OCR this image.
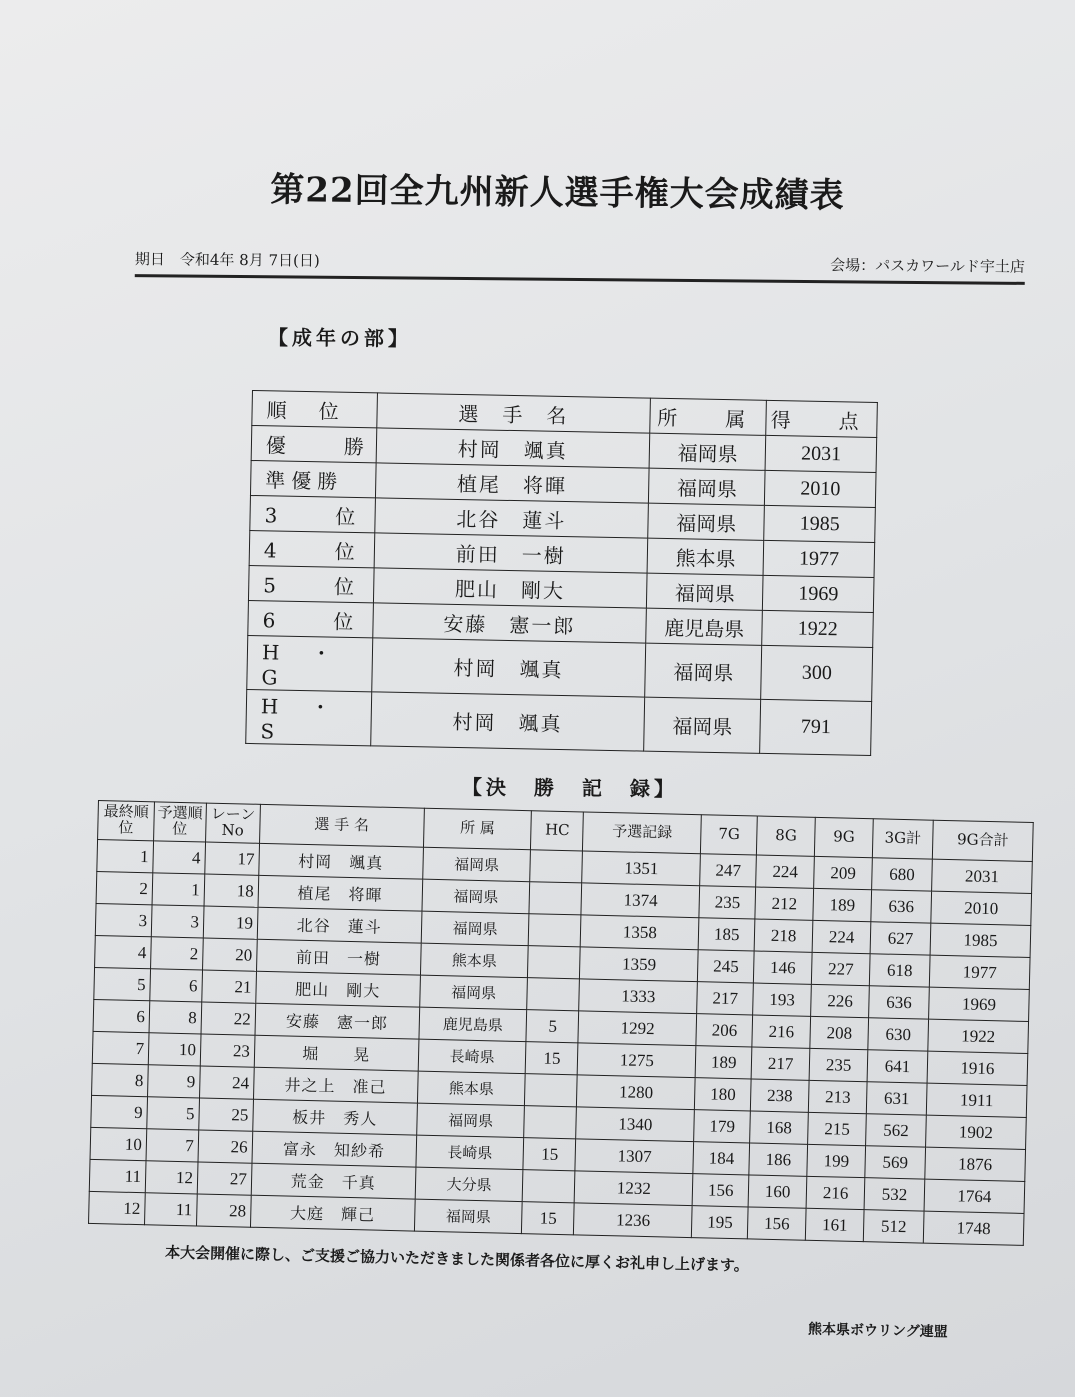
第22回全九州新人選手権大会成績表
期日　令和4年 8月 7日(日)	会場：パスカワールド宇土店
【成年の部】
順　位	選　手　名	所　属	得　点
優　　勝	村岡　颯真	福岡県	2031
準優勝	植尾　将暉	福岡県	2010
3　　位	北谷　蓮斗	福岡県	1985
4　　位	前田　一樹	熊本県	1977
5　　位	肥山　剛大	福岡県	1969
6　　位	安藤　憲一郎	鹿児島県	1922
H　・　G	村岡　颯真	福岡県	300
H　・　S	村岡　颯真	福岡県	791
【決　勝　記　録】
最終順位	予選順位	レーンNo	選 手 名	所 属	HC	予選記録	7G	8G	9G	3G計	9G合計
1	4	17	村岡　颯真	福岡県		1351	247	224	209	680	2031
2	1	18	植尾　将暉	福岡県		1374	235	212	189	636	2010
3	3	19	北谷　蓮斗	福岡県		1358	185	218	224	627	1985
4	2	20	前田　一樹	熊本県		1359	245	146	227	618	1977
5	6	21	肥山　剛大	福岡県		1333	217	193	226	636	1969
6	8	22	安藤　憲一郎	鹿児島県	5	1292	206	216	208	630	1922
7	10	23	堀　　晃	長崎県	15	1275	189	217	235	641	1916
8	9	24	井之上　准己	熊本県		1280	180	238	213	631	1911
9	5	25	板井　秀人	福岡県		1340	179	168	215	562	1902
10	7	26	富永　知紗希	長崎県	15	1307	184	186	199	569	1876
11	12	27	荒金　千真	大分県		1232	156	160	216	532	1764
12	11	28	大庭　輝己	福岡県	15	1236	195	156	161	512	1748
本大会開催に際し、ご支援ご協力いただきました関係者各位に厚くお礼申し上げます。
熊本県ボウリング連盟
